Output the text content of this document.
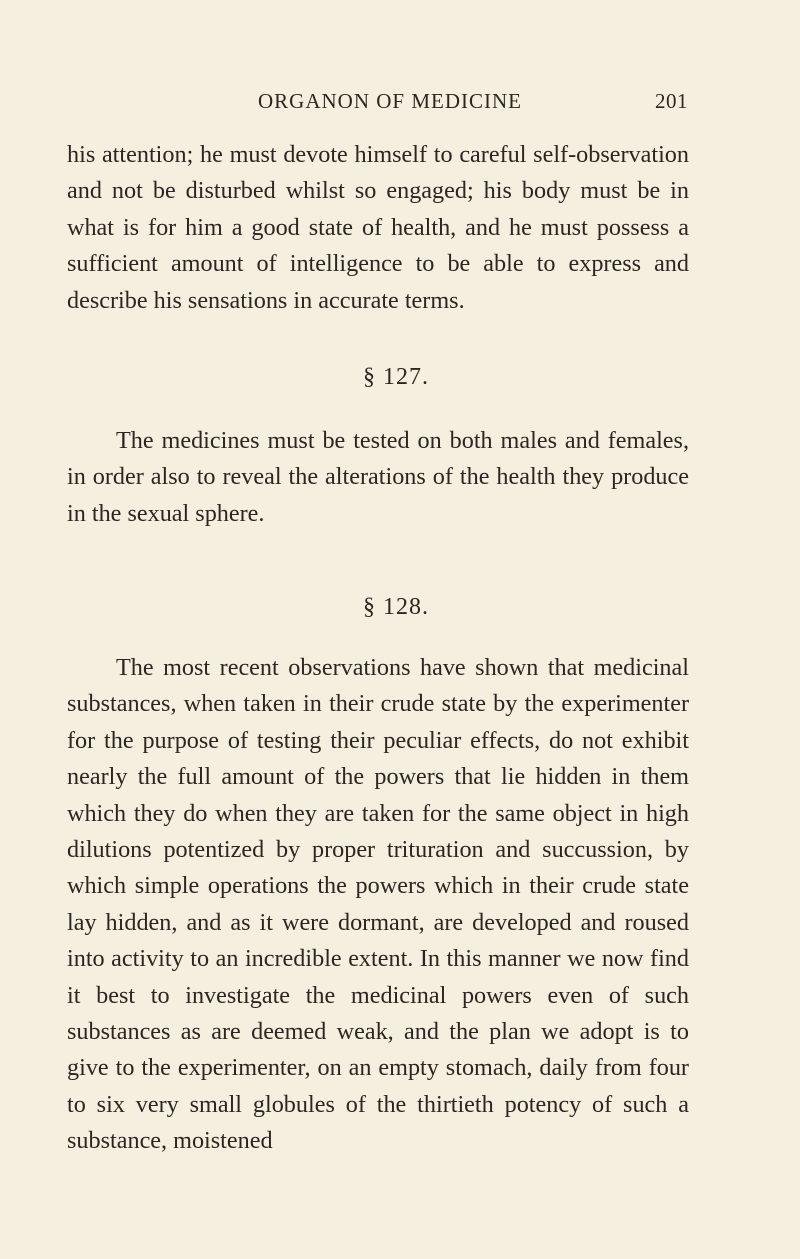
ORGANON OF MEDICINE	201

his attention; he must devote himself to careful self-observation and not be disturbed whilst so engaged; his body must be in what is for him a good state of health, and he must possess a sufficient amount of intelligence to be able to express and describe his sensations in accurate terms.

§ 127.

The medicines must be tested on both males and females, in order also to reveal the alterations of the health they produce in the sexual sphere.

§ 128.

The most recent observations have shown that medicinal substances, when taken in their crude state by the experimenter for the purpose of testing their peculiar effects, do not exhibit nearly the full amount of the powers that lie hidden in them which they do when they are taken for the same object in high dilutions potentized by proper trituration and succussion, by which simple operations the powers which in their crude state lay hidden, and as it were dormant, are developed and roused into activity to an incredible extent. In this manner we now find it best to investigate the medicinal powers even of such substances as are deemed weak, and the plan we adopt is to give to the experimenter, on an empty stomach, daily from four to six very small globules of the thirtieth potency of such a substance, moistened
